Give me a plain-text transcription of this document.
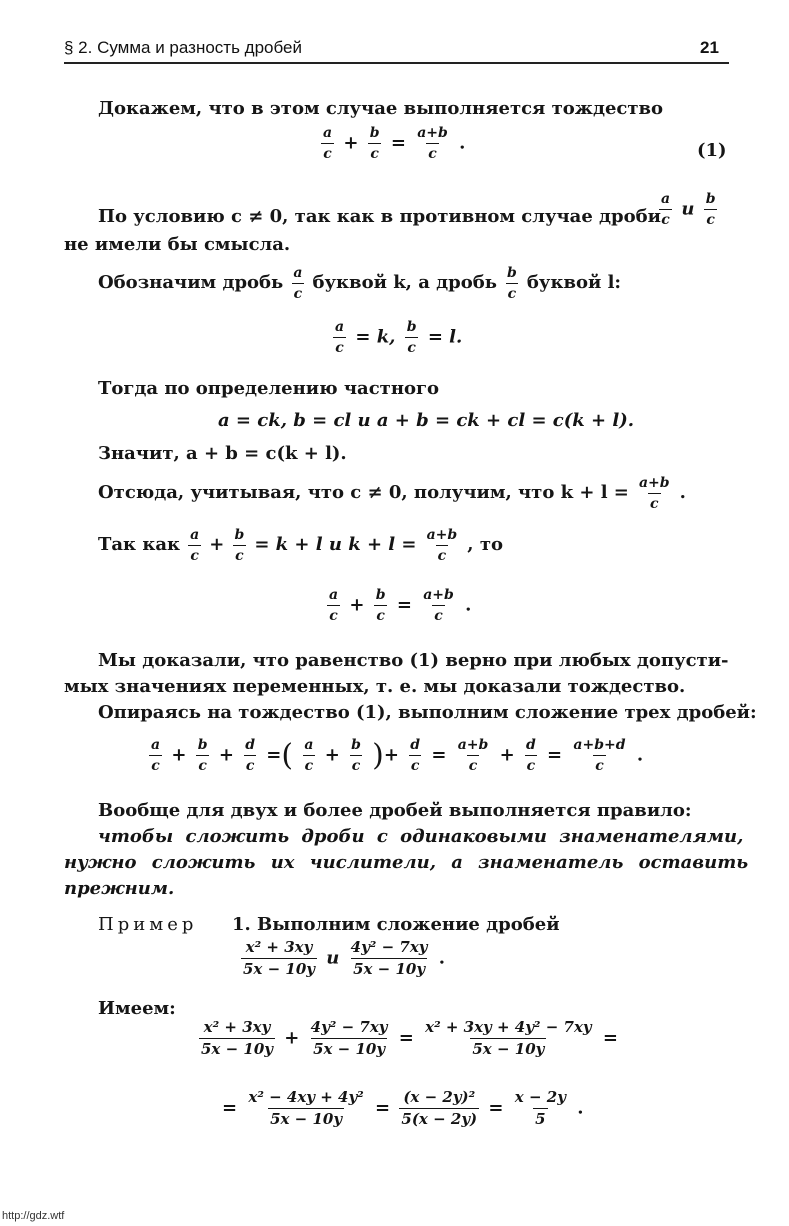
§ 2. Сумма и разность дробей	21
Докажем, что в этом случае выполняется тождество
$\frac{a}{c} + \frac{b}{c} = \frac{a+b}{c}$ .	(1)
По условию c ≠ 0, так как в противном случае дроби
$\frac{a}{c}$ и $\frac{b}{c}$
не имели бы смысла.
Обозначим дробь $\frac{a}{c}$ буквой k, а дробь $\frac{b}{c}$ буквой l:
$\frac{a}{c} = k$, $\frac{b}{c} = l$.
Тогда по определению частного
a = ck, b = cl и a + b = ck + cl = c(k + l).
Значит, a + b = c(k + l).
Отсюда, учитывая, что c ≠ 0, получим, что $k + l = \frac{a+b}{c}$ .
Так как $\frac{a}{c} + \frac{b}{c} = k + l$ и $k + l = \frac{a+b}{c}$ , то
$\frac{a}{c} + \frac{b}{c} = \frac{a+b}{c}$ .
Мы доказали, что равенство (1) верно при любых допусти-
мых значениях переменных, т. е. мы доказали тождество.
Опираясь на тождество (1), выполним сложение трех дробей:
$\frac{a}{c} + \frac{b}{c} + \frac{d}{c}$ =( $\frac{a}{c} + \frac{b}{c}$ )+ $\frac{d}{c} = \frac{a+b}{c} + \frac{d}{c} = \frac{a+b+d}{c}$ .
Вообще для двух и более дробей выполняется правило:
чтобы сложить дроби с одинаковыми знаменателями,
нужно сложить их числители, а знаменатель оставить
прежним.
Пример 1. Выполним сложение дробей
$\frac{\text{x² + 3xy}}{5x - 10y}$ и $\frac{\text{4y² − 7xy}}{5x - 10y}$ .
Имеем:
$\frac{\text{x² + 3xy}}{5x - 10y} + \frac{\text{4y² − 7xy}}{5x - 10y} = \frac{\text{x² + 3xy + 4y² − 7xy}}{5x - 10y}$ =
= $\frac{\text{x² − 4xy + 4y²}}{5x - 10y} = \frac{\text{(x − 2y)²}}{5(x - 2y)} = \frac{x - 2y}{5}$ .
http://gdz.wtf
